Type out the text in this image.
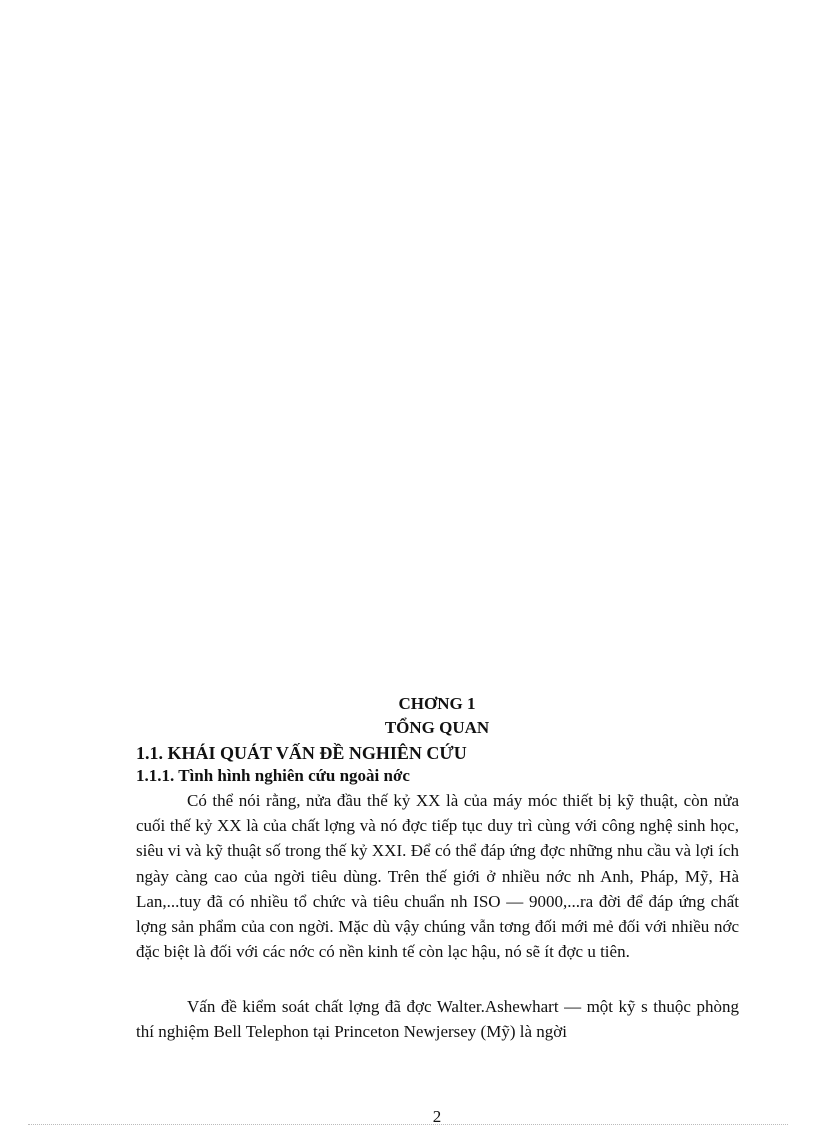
CHƠNG 1
TỔNG QUAN
1.1. KHÁI QUÁT VẤN ĐỀ NGHIÊN CỨU
1.1.1. Tình hình nghiên cứu ngoài nớc

Có thể nói rằng, nửa đầu thế kỷ XX là của máy móc thiết bị kỹ thuật, còn nửa cuối thế kỷ XX là của chất lợng và nó đợc tiếp tục duy trì cùng với công nghệ sinh học, siêu vi và kỹ thuật số trong thế kỷ XXI. Để có thể đáp ứng đợc những nhu cầu và lợi ích ngày càng cao của ngời tiêu dùng. Trên thế giới ở nhiều nớc nh Anh, Pháp, Mỹ, Hà Lan,...tuy đã có nhiều tổ chức và tiêu chuẩn nh ISO — 9000,...ra đời để đáp ứng chất lợng sản phẩm của con ngời. Mặc dù vậy chúng vẫn tơng đối mới mẻ đối với nhiều nớc đặc biệt là đối với các nớc có nền kinh tế còn lạc hậu, nó sẽ ít đợc u tiên.

Vấn đề kiểm soát chất lợng đã đợc Walter.Ashewhart — một kỹ s thuộc phòng thí nghiệm Bell Telephon tại Princeton Newjersey (Mỹ) là ngời

2
